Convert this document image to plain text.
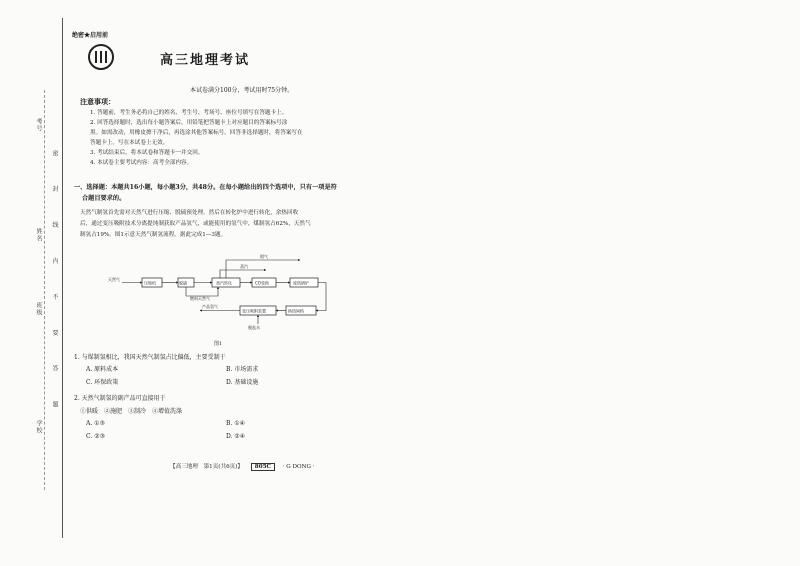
考号
姓名
班级
学校
密 封 线 内 不 要 答 题
绝密★启用前
高三地理考试
本试卷满分100分，考试用时75分钟。
注意事项：
1. 答题前，考生务必将自己的姓名、考生号、考场号、座位号填写在答题卡上。
2. 回答选择题时，选出每小题答案后，用铅笔把答题卡上对应题目的答案标号涂
黑。如需改动，用橡皮擦干净后，再选涂其他答案标号。回答非选择题时，将答案写在
答题卡上。写在本试卷上无效。
3. 考试结束后，将本试卷和答题卡一并交回。
4. 本试卷主要考试内容：高考全部内容。
一、选择题：本题共16小题，每小题3分，共48分。在每小题给出的四个选项中，只有一项是符
合题目要求的。
天然气制氢首先需对天然气进行压缩、脱硫预处理，然后在转化炉中进行转化，余热回收
后，通过变压吸附技术分离提纯制获取产品氢气，或能使用的氢气中，煤制氢占62%，天然气
制氢占19%。图1示意天然气制氢流程。据此完成1—3题。
天然气
压缩机	脱硫	蒸汽转化	CO变换	废热锅炉
换热网格
变压吸附装置
烟气
蒸汽
燃料天然气
产品氢气
脱盐水
图1
1. 与煤制氢相比，我国天然气制氢占比偏低，主要受制于
A. 原料成本	B. 市场需求
C. 环保政策	D. 基础设施
2. 天然气制氢的副产品可直接用于
①供暖　②施肥　③制冷　④增值洗涤
A. ①③	B. ①④
C. ②③	D. ②④
【高三地理　第1页(共6页)】 805C · G DONG ·
